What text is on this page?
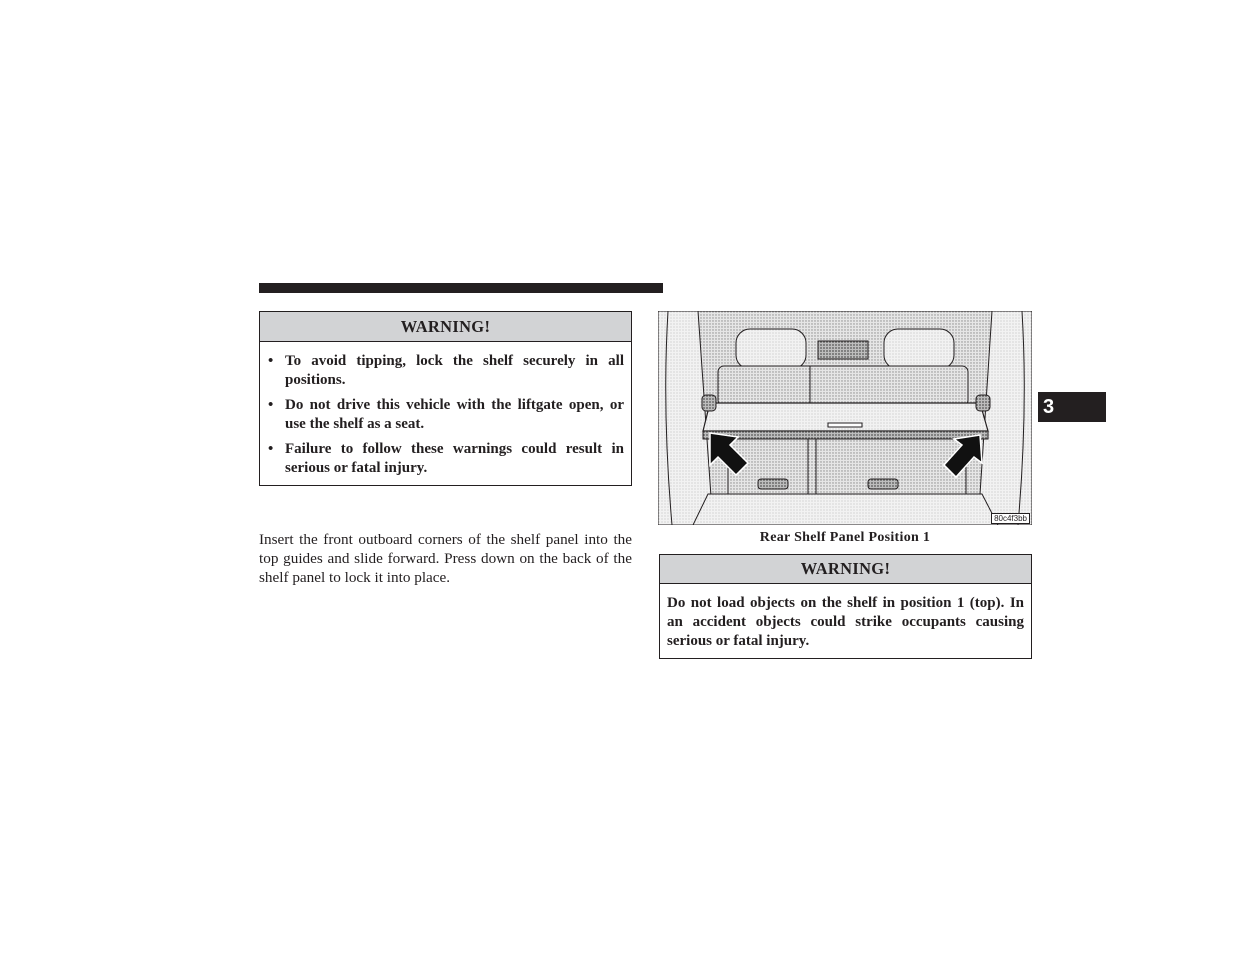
WARNING!
• To avoid tipping, lock the shelf securely in all positions.
• Do not drive this vehicle with the liftgate open, or use the shelf as a seat.
• Failure to follow these warnings could result in serious or fatal injury.

Insert the front outboard corners of the shelf panel into the top guides and slide forward. Press down on the back of the shelf panel to lock it into place.

80c4f3bb
Rear Shelf Panel Position 1
WARNING!

Do not load objects on the shelf in position 1 (top). In an accident objects could strike occupants causing serious or fatal injury.

3
